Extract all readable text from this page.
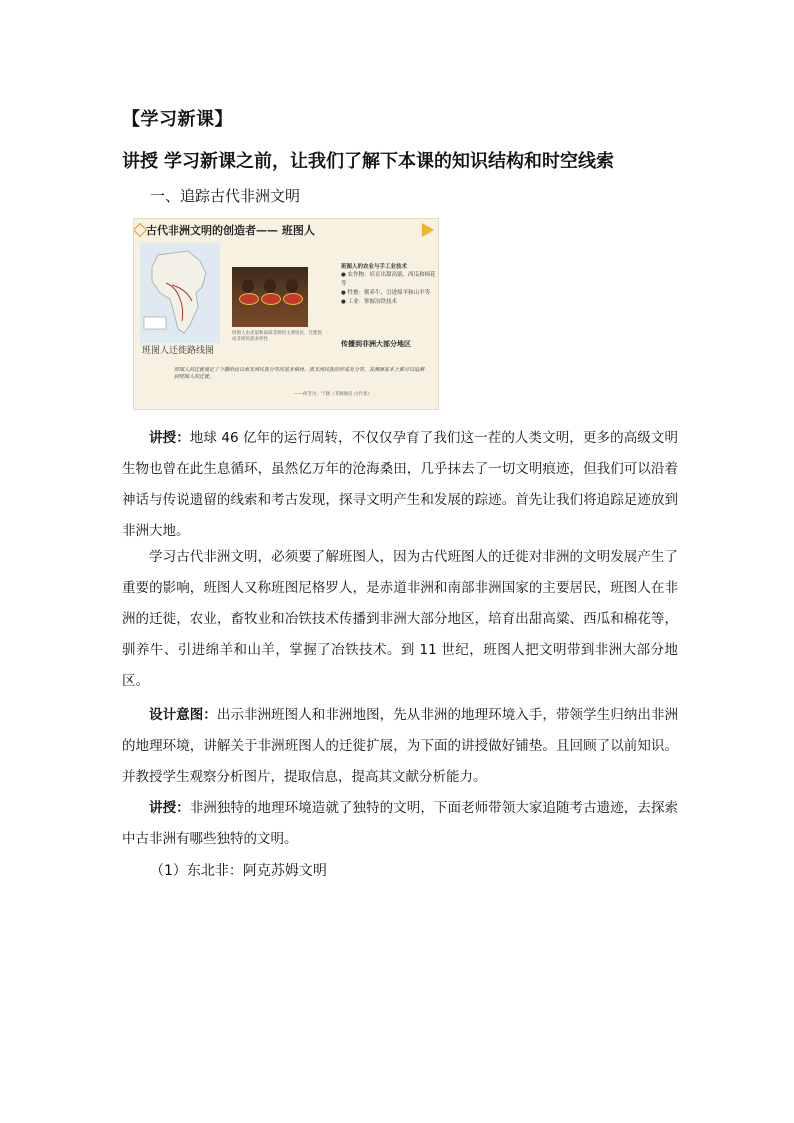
【学习新课】
讲授 学习新课之前，让我们了解下本课的知识结构和时空线索
一、追踪古代非洲文明
古代非洲文明的创造者—— 班图人
班图人迁徙路线图
班图人由赤道和南部非洲的主要居民，迁徙促成非洲民族多样性
班图人的农业与手工业技术
● 农作物：培育出甜高粱、西瓜和棉花等
● 牲畜：驯养牛、引进绵羊和山羊等
● 工业：掌握冶铁技术
传播到非洲大部分地区
班图人的迁徙奠定了今撒哈拉以南非洲民族分布的基本格局。黑非洲民族的形成及分布，其渊源基本上都可以追溯到班图人的迁徙。
——何芳川，宁骚《非洲通史·古代卷》
讲授：地球 46 亿年的运行周转，不仅仅孕育了我们这一茬的人类文明，更多的高级文明生物也曾在此生息循环，虽然亿万年的沧海桑田，几乎抹去了一切文明痕迹，但我们可以沿着神话与传说遗留的线索和考古发现，探寻文明产生和发展的踪迹。首先让我们将追踪足迹放到非洲大地。
学习古代非洲文明，必须要了解班图人，因为古代班图人的迁徙对非洲的文明发展产生了重要的影响，班图人又称班图尼格罗人，是赤道非洲和南部非洲国家的主要居民，班图人在非洲的迁徙，农业，畜牧业和冶铁技术传播到非洲大部分地区，培育出甜高粱、西瓜和棉花等，驯养牛、引进绵羊和山羊，掌握了冶铁技术。到 11 世纪，班图人把文明带到非洲大部分地区。
设计意图：出示非洲班图人和非洲地图，先从非洲的地理环境入手，带领学生归纳出非洲的地理环境，讲解关于非洲班图人的迁徙扩展，为下面的讲授做好铺垫。且回顾了以前知识。并教授学生观察分析图片，提取信息，提高其文献分析能力。
讲授：非洲独特的地理环境造就了独特的文明，下面老师带领大家追随考古遗迹，去探索中古非洲有哪些独特的文明。
（1）东北非：阿克苏姆文明
